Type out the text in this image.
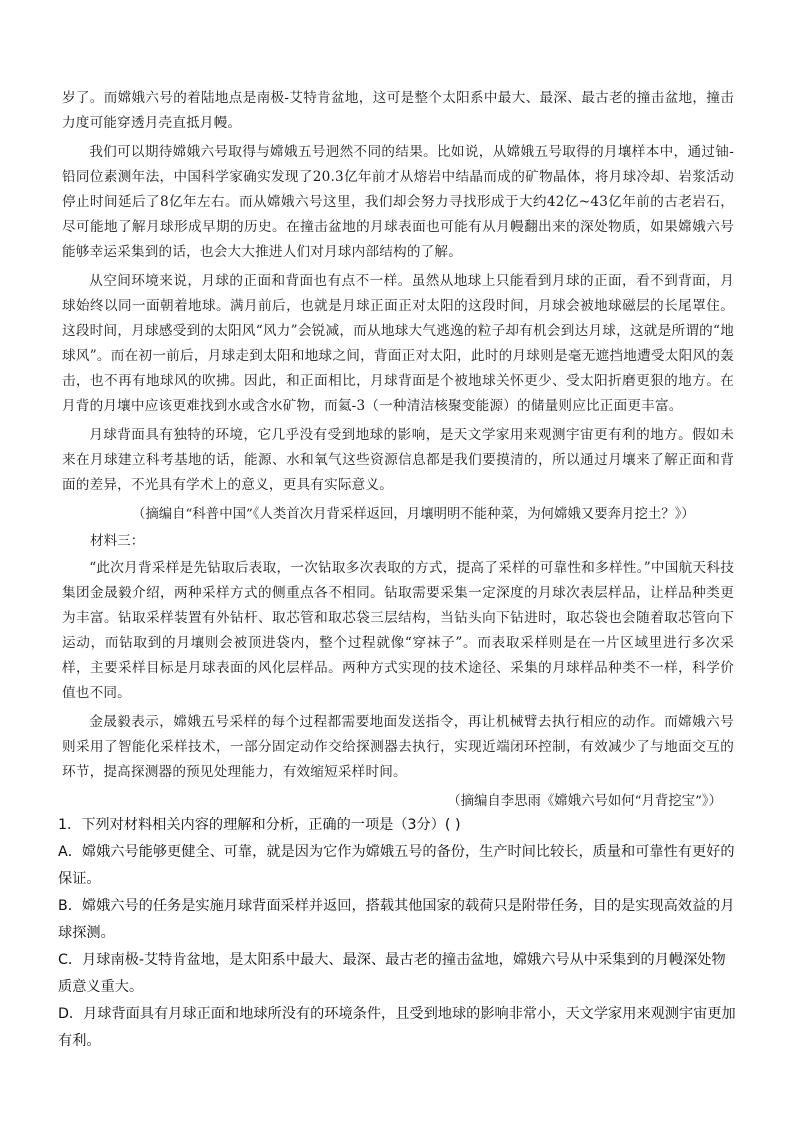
岁了。而嫦娥六号的着陆地点是南极-艾特肯盆地，这可是整个太阳系中最大、最深、最古老的撞击盆地，撞击力度可能穿透月壳直抵月幔。

我们可以期待嫦娥六号取得与嫦娥五号迥然不同的结果。比如说，从嫦娥五号取得的月壤样本中，通过铀-铅同位素测年法，中国科学家确实发现了20.3亿年前才从熔岩中结晶而成的矿物晶体，将月球冷却、岩浆活动停止时间延后了8亿年左右。而从嫦娥六号这里，我们却会努力寻找形成于大约42亿~43亿年前的古老岩石，尽可能地了解月球形成早期的历史。在撞击盆地的月球表面也可能有从月幔翻出来的深处物质，如果嫦娥六号能够幸运采集到的话，也会大大推进人们对月球内部结构的了解。

从空间环境来说，月球的正面和背面也有点不一样。虽然从地球上只能看到月球的正面，看不到背面，月球始终以同一面朝着地球。满月前后，也就是月球正面正对太阳的这段时间，月球会被地球磁层的长尾罩住。这段时间，月球感受到的太阳风“风力”会锐减，而从地球大气逃逸的粒子却有机会到达月球，这就是所谓的“地球风”。而在初一前后，月球走到太阳和地球之间，背面正对太阳，此时的月球则是毫无遮挡地遭受太阳风的轰击，也不再有地球风的吹拂。因此，和正面相比，月球背面是个被地球关怀更少、受太阳折磨更狠的地方。在月背的月壤中应该更难找到水或含水矿物，而氦-3（一种清洁核聚变能源）的储量则应比正面更丰富。

月球背面具有独特的环境，它几乎没有受到地球的影响，是天文学家用来观测宇宙更有利的地方。假如未来在月球建立科考基地的话，能源、水和氧气这些资源信息都是我们要摸清的，所以通过月壤来了解正面和背面的差异，不光具有学术上的意义，更具有实际意义。

（摘编自“科普中国”《人类首次月背采样返回，月壤明明不能种菜，为何嫦娥又要奔月挖土？》）

材料三：

“此次月背采样是先钻取后表取，一次钻取多次表取的方式，提高了采样的可靠性和多样性。”中国航天科技集团金晟毅介绍，两种采样方式的侧重点各不相同。钻取需要采集一定深度的月球次表层样品，让样品种类更为丰富。钻取采样装置有外钻杆、取芯管和取芯袋三层结构，当钻头向下钻进时，取芯袋也会随着取芯管向下运动，而钻取到的月壤则会被顶进袋内，整个过程就像“穿袜子”。而表取采样则是在一片区域里进行多次采样，主要采样目标是月球表面的风化层样品。两种方式实现的技术途径、采集的月球样品种类不一样，科学价值也不同。

金晟毅表示，嫦娥五号采样的每个过程都需要地面发送指令，再让机械臂去执行相应的动作。而嫦娥六号则采用了智能化采样技术，一部分固定动作交给探测器去执行，实现近端闭环控制，有效减少了与地面交互的环节，提高探测器的预见处理能力，有效缩短采样时间。

（摘编自李思雨《嫦娥六号如何“月背挖宝”》）

1．下列对材料相关内容的理解和分析，正确的一项是（3分）( )

A．嫦娥六号能够更健全、可靠，就是因为它作为嫦娥五号的备份，生产时间比较长，质量和可靠性有更好的保证。

B．嫦娥六号的任务是实施月球背面采样并返回，搭载其他国家的载荷只是附带任务，目的是实现高效益的月球探测。

C．月球南极-艾特肯盆地，是太阳系中最大、最深、最古老的撞击盆地，嫦娥六号从中采集到的月幔深处物质意义重大。

D．月球背面具有月球正面和地球所没有的环境条件，且受到地球的影响非常小，天文学家用来观测宇宙更加有利。
